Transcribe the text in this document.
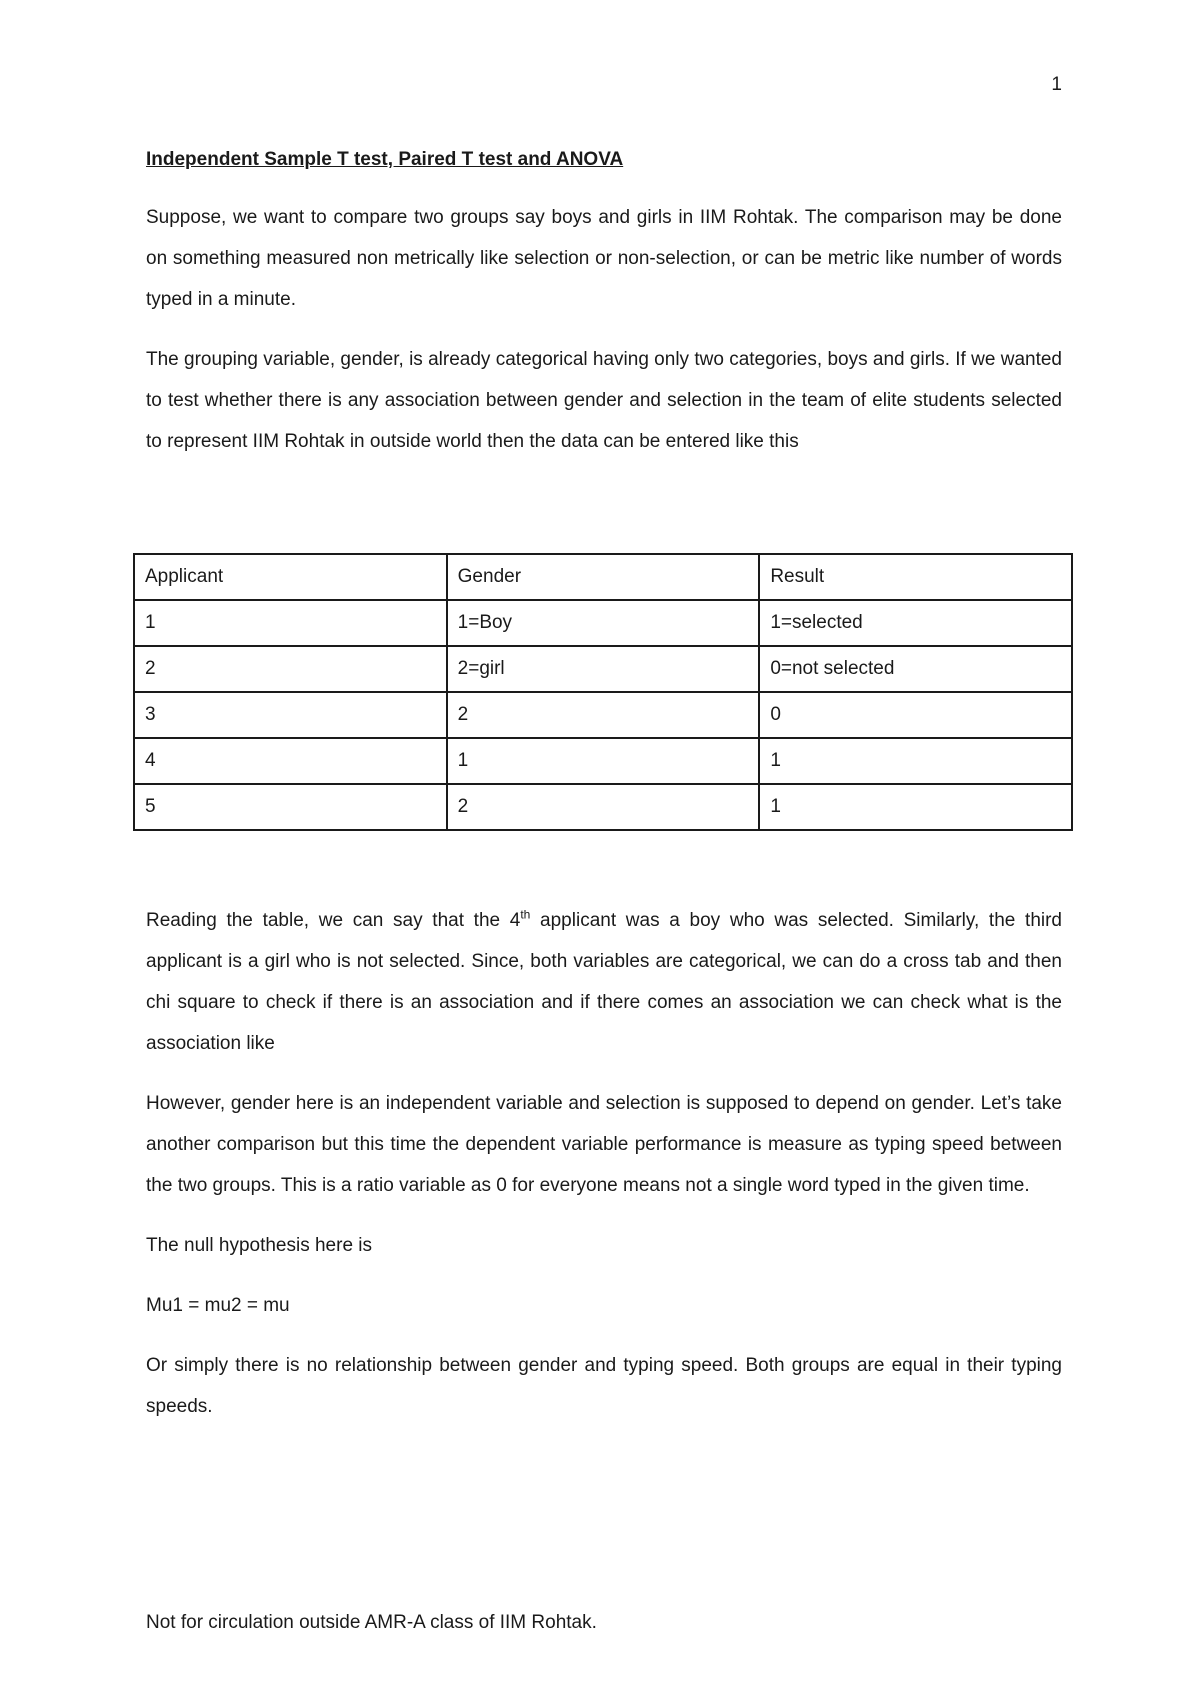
1
Independent Sample T test, Paired T test and ANOVA

Suppose, we want to compare two groups say boys and girls in IIM Rohtak. The comparison may be done on something measured non metrically like selection or non-selection, or can be metric like number of words typed in a minute.

The grouping variable, gender, is already categorical having only two categories, boys and girls. If we wanted to test whether there is any association between gender and selection in the team of elite students selected to represent IIM Rohtak in outside world then the data can be entered like this

Applicant	Gender	Result
1	1=Boy	1=selected
2	2=girl	0=not selected
3	2	0
4	1	1
5	2	1

Reading the table, we can say that the 4th applicant was a boy who was selected. Similarly, the third applicant is a girl who is not selected. Since, both variables are categorical, we can do a cross tab and then chi square to check if there is an association and if there comes an association we can check what is the association like

However, gender here is an independent variable and selection is supposed to depend on gender. Let’s take another comparison but this time the dependent variable performance is measure as typing speed between the two groups. This is a ratio variable as 0 for everyone means not a single word typed in the given time.

The null hypothesis here is

Mu1 = mu2 = mu

Or simply there is no relationship between gender and typing speed. Both groups are equal in their typing speeds.

Not for circulation outside AMR-A class of IIM Rohtak.
